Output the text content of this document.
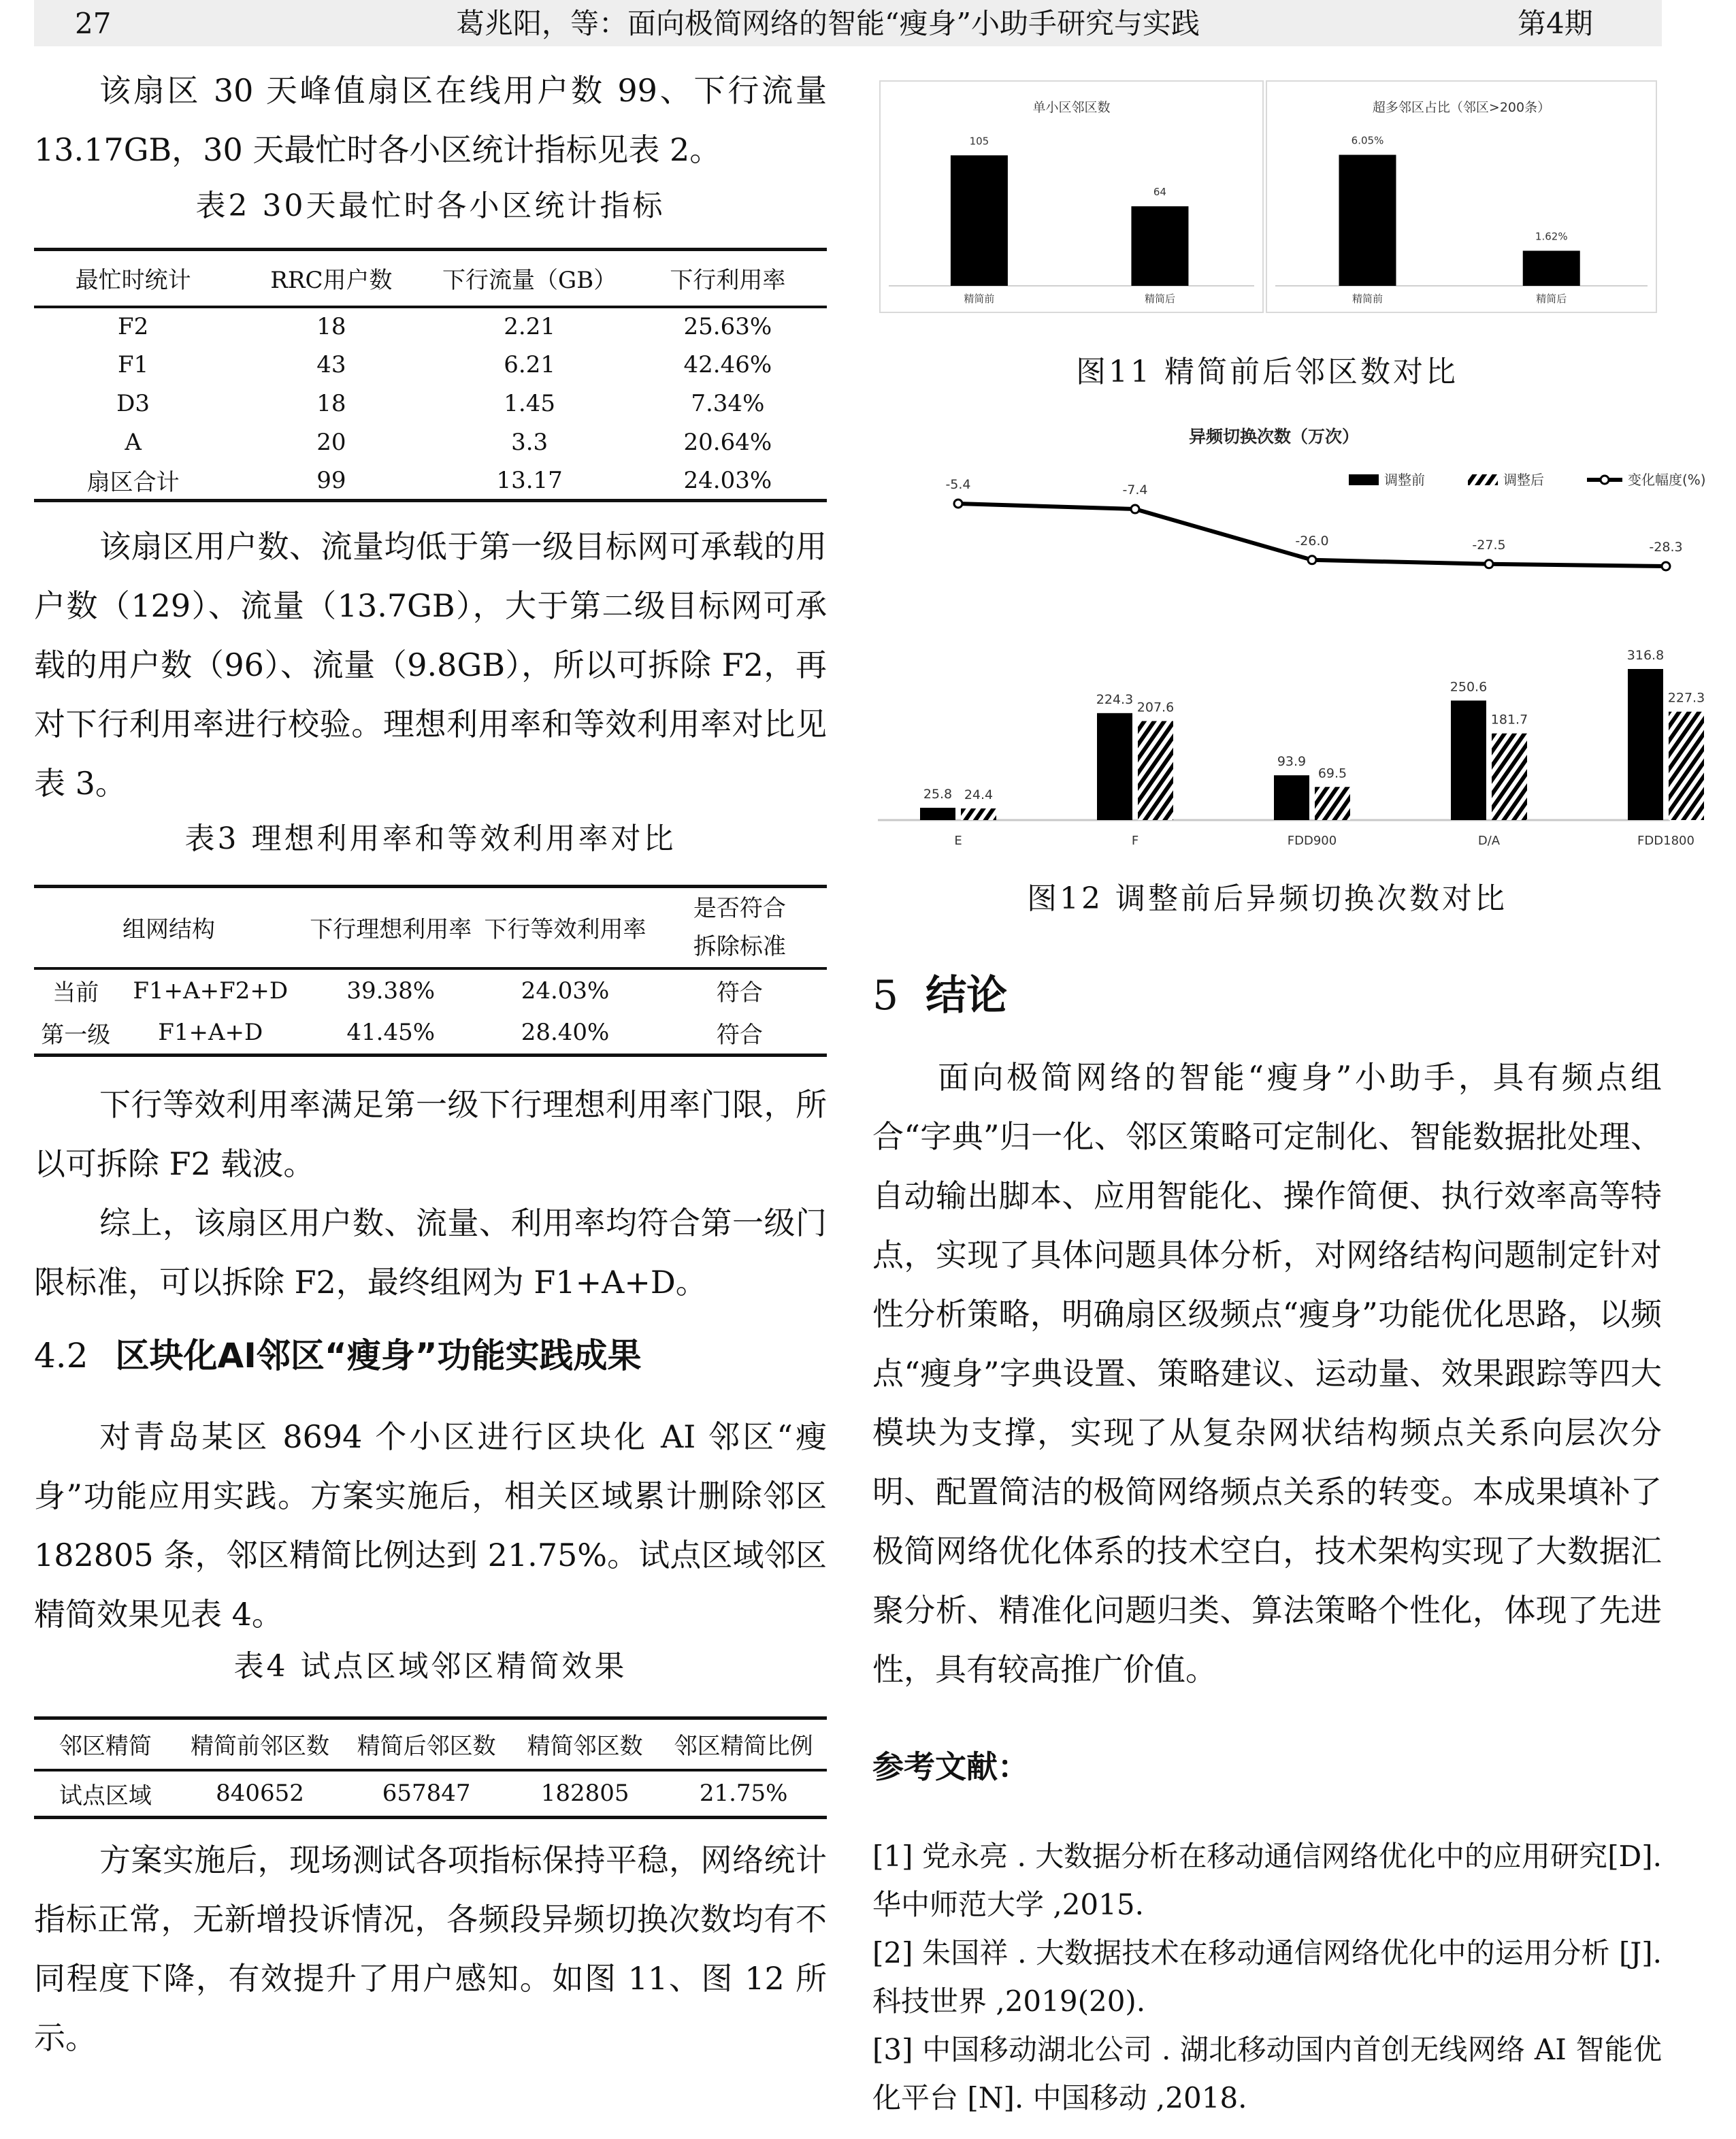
27	葛兆阳，等：面向极简网络的智能“瘦身”小助手研究与实践	第4期
该扇区 30 天峰值扇区在线用户数 99、下行流量 13.17GB，30 天最忙时各小区统计指标见表 2。
表2 30天最忙时各小区统计指标
最忙时统计	RRC用户数	下行流量（GB）	下行利用率
F2	18	2.21	25.63%
F1	43	6.21	42.46%
D3	18	1.45	7.34%
A	20	3.3	20.64%
扇区合计	99	13.17	24.03%
该扇区用户数、流量均低于第一级目标网可承载的用户数（129）、流量（13.7GB），大于第二级目标网可承载的用户数（96）、流量（9.8GB），所以可拆除 F2，再对下行利用率进行校验。理想利用率和等效利用率对比见表 3。
表3 理想利用率和等效利用率对比
组网结构		下行理想利用率	下行等效利用率	是否符合
拆除标准

当前	F1+A+F2+D	39.38%	24.03%	符合
第一级	F1+A+D	41.45%	28.40%	符合
下行等效利用率满足第一级下行理想利用率门限，所以可拆除 F2 载波。
综上，该扇区用户数、流量、利用率均符合第一级门限标准，可以拆除 F2，最终组网为 F1+A+D。
4.2 区块化AI邻区“瘦身”功能实践成果
对青岛某区 8694 个小区进行区块化 AI 邻区“瘦身”功能应用实践。方案实施后，相关区域累计删除邻区 182805 条，邻区精简比例达到 21.75%。试点区域邻区精简效果见表 4。
表4 试点区域邻区精简效果
邻区精简	精简前邻区数	精简后邻区数	精简邻区数	邻区精简比例
试点区域	840652	657847	182805	21.75%
方案实施后，现场测试各项指标保持平稳，网络统计指标正常，无新增投诉情况，各频段异频切换次数均有不同程度下降，有效提升了用户感知。如图 11、图 12 所示。
单小区邻区数
105
精简前
64
精简后
超多邻区占比（邻区>200条）
6.05%
精简前
1.62%
精简后
图11 精简前后邻区数对比
异频切换次数（万次）
调整前	调整后	变化幅度(%)
25.8 24.4
E
224.3
207.6
F
93.9
69.5
FDD900
250.6
181.7
D/A
316.8
227.3
FDD1800
-5.4	-7.4
-26.0	-27.5	-28.3
图12 调整前后异频切换次数对比
5 结论
面向极简网络的智能“瘦身”小助手，具有频点组合“字典”归一化、邻区策略可定制化、智能数据批处理、自动输出脚本、应用智能化、操作简便、执行效率高等特点，实现了具体问题具体分析，对网络结构问题制定针对性分析策略，明确扇区级频点“瘦身”功能优化思路，以频点“瘦身”字典设置、策略建议、运动量、效果跟踪等四大模块为支撑，实现了从复杂网状结构频点关系向层次分明、配置简洁的极简网络频点关系的转变。本成果填补了极简网络优化体系的技术空白，技术架构实现了大数据汇聚分析、精准化问题归类、算法策略个性化，体现了先进性，具有较高推广价值。
参考文献：
[1] 党永亮 . 大数据分析在移动通信网络优化中的应用研究[D]. 华中师范大学 ,2015.
[2] 朱国祥 . 大数据技术在移动通信网络优化中的运用分析 [J]. 科技世界 ,2019(20).
[3] 中国移动湖北公司 . 湖北移动国内首创无线网络 AI 智能优化平台 [N]. 中国移动 ,2018.
